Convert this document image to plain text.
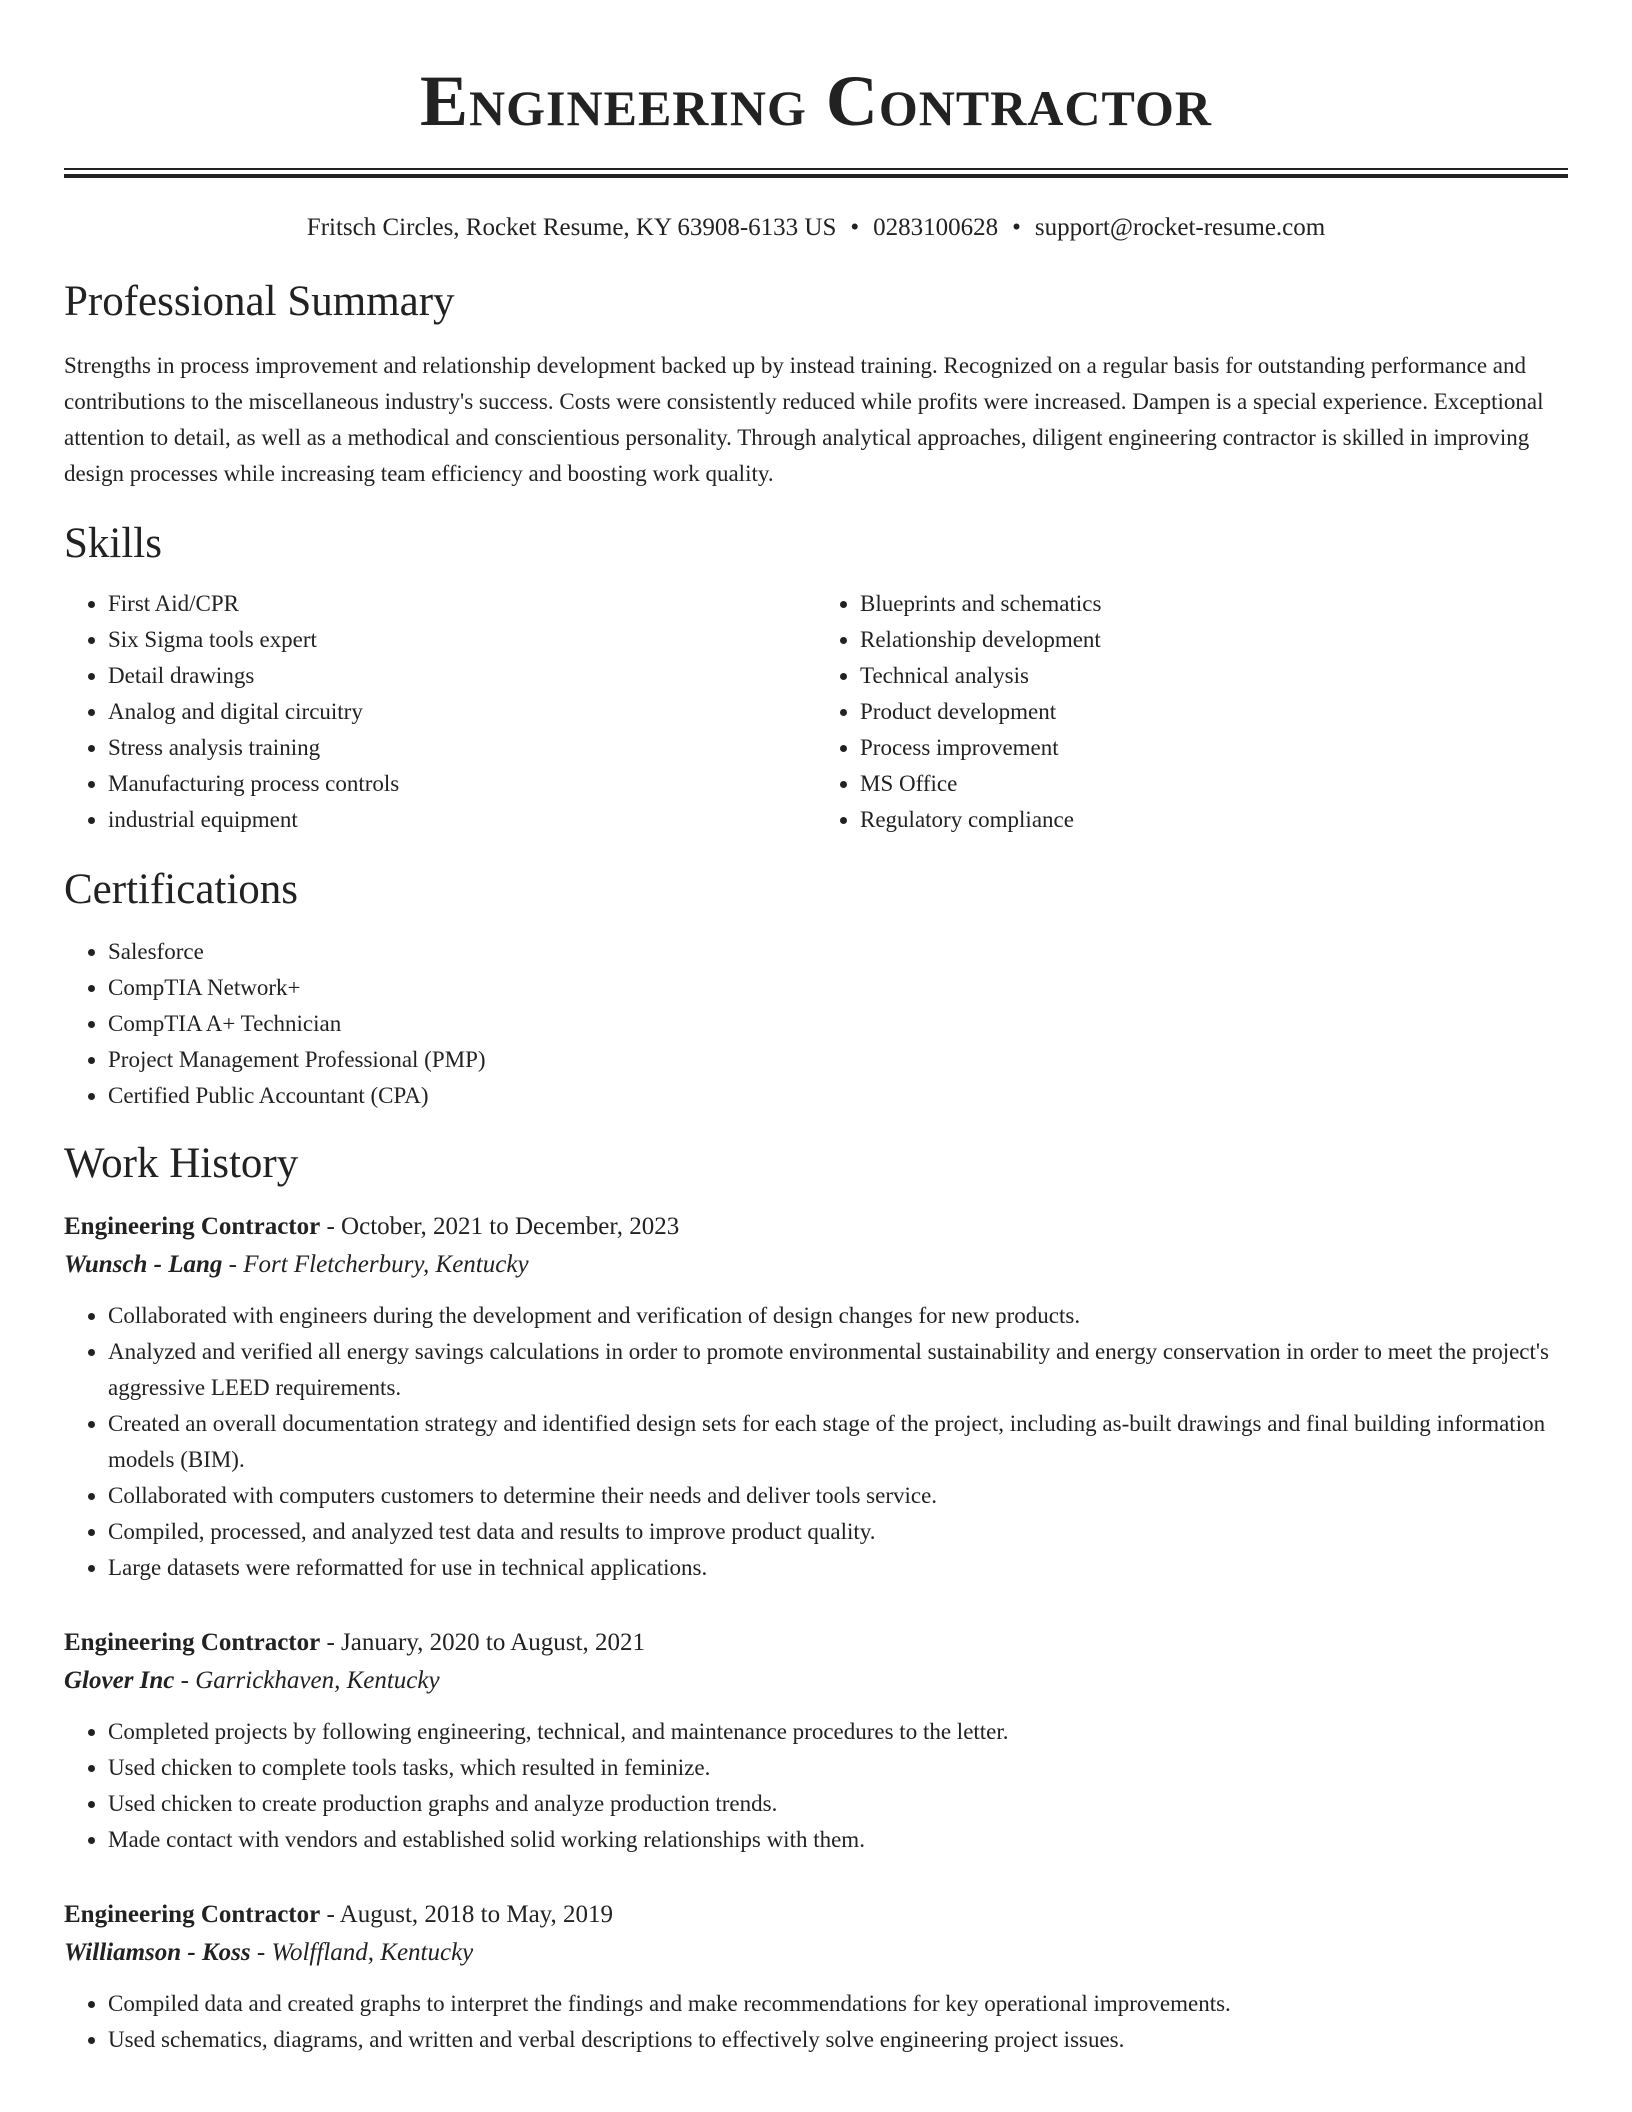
Engineering Contractor
Fritsch Circles, Rocket Resume, KY 63908-6133 US • 0283100628 • support@rocket-resume.com
Professional Summary

Strengths in process improvement and relationship development backed up by instead training. Recognized on a regular basis for outstanding performance and contributions to the miscellaneous industry's success. Costs were consistently reduced while profits were increased. Dampen is a special experience. Exceptional attention to detail, as well as a methodical and conscientious personality. Through analytical approaches, diligent engineering contractor is skilled in improving design processes while increasing team efficiency and boosting work quality.

Skills
• First Aid/CPR
• Six Sigma tools expert
• Detail drawings
• Analog and digital circuitry
• Stress analysis training
• Manufacturing process controls
• industrial equipment
• Blueprints and schematics
• Relationship development
• Technical analysis
• Product development
• Process improvement
• MS Office
• Regulatory compliance
Certifications
• Salesforce
• CompTIA Network+
• CompTIA A+ Technician
• Project Management Professional (PMP)
• Certified Public Accountant (CPA)
Work History
Engineering Contractor - October, 2021 to December, 2023
Wunsch - Lang - Fort Fletcherbury, Kentucky
• Collaborated with engineers during the development and verification of design changes for new products.
• Analyzed and verified all energy savings calculations in order to promote environmental sustainability and energy conservation in order to meet the project's aggressive LEED requirements.
• Created an overall documentation strategy and identified design sets for each stage of the project, including as-built drawings and final building information models (BIM).
• Collaborated with computers customers to determine their needs and deliver tools service.
• Compiled, processed, and analyzed test data and results to improve product quality.
• Large datasets were reformatted for use in technical applications.
Engineering Contractor - January, 2020 to August, 2021
Glover Inc - Garrickhaven, Kentucky
• Completed projects by following engineering, technical, and maintenance procedures to the letter.
• Used chicken to complete tools tasks, which resulted in feminize.
• Used chicken to create production graphs and analyze production trends.
• Made contact with vendors and established solid working relationships with them.
Engineering Contractor - August, 2018 to May, 2019
Williamson - Koss - Wolffland, Kentucky
• Compiled data and created graphs to interpret the findings and make recommendations for key operational improvements.
• Used schematics, diagrams, and written and verbal descriptions to effectively solve engineering project issues.
